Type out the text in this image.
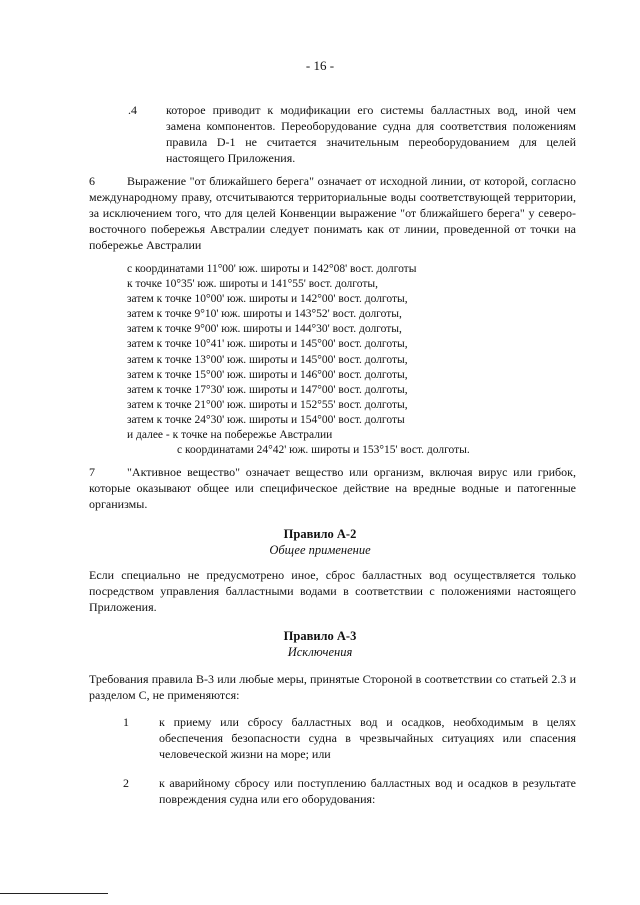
- 16 -
.4 которое приводит к модификации его системы балластных вод, иной чем замена компонентов. Переоборудование судна для соответствия положениям правила D-1 не считается значительным переоборудованием для целей настоящего Приложения.
6	Выражение "от ближайшего берега" означает от исходной линии, от которой, согласно международному праву, отсчитываются территориальные воды соответствующей территории, за исключением того, что для целей Конвенции выражение "от ближайшего берега" у северо-восточного побережья Австралии следует понимать как от линии, проведенной от точки на побережье Австралии
с координатами 11°00' юж. широты и 142°08' вост. долготы
к точке 10°35' юж. широты и 141°55' вост. долготы,
затем к точке 10°00' юж. широты и 142°00' вост. долготы,
затем к точке 9°10' юж. широты и 143°52' вост. долготы,
затем к точке 9°00' юж. широты и 144°30' вост. долготы,
затем к точке 10°41' юж. широты и 145°00' вост. долготы,
затем к точке 13°00' юж. широты и 145°00' вост. долготы,
затем к точке 15°00' юж. широты и 146°00' вост. долготы,
затем к точке 17°30' юж. широты и 147°00' вост. долготы,
затем к точке 21°00' юж. широты и 152°55' вост. долготы,
затем к точке 24°30' юж. широты и 154°00' вост. долготы
и далее - к точке на побережье Австралии
с координатами 24°42' юж. широты и 153°15' вост. долготы.
7	"Активное вещество" означает вещество или организм, включая вирус или грибок, которые оказывают общее или специфическое действие на вредные водные и патогенные организмы.
Правило А-2
Общее применение
Если специально не предусмотрено иное, сброс балластных вод осуществляется только посредством управления балластными водами в соответствии с положениями настоящего Приложения.
Правило А-3
Исключения
Требования правила В-3 или любые меры, принятые Стороной в соответствии со статьей 2.3 и разделом С, не применяются:
1	к приему или сбросу балластных вод и осадков, необходимым в целях обеспечения безопасности судна в чрезвычайных ситуациях или спасения человеческой жизни на море; или
2	к аварийному сбросу или поступлению балластных вод и осадков в результате повреждения судна или его оборудования:
